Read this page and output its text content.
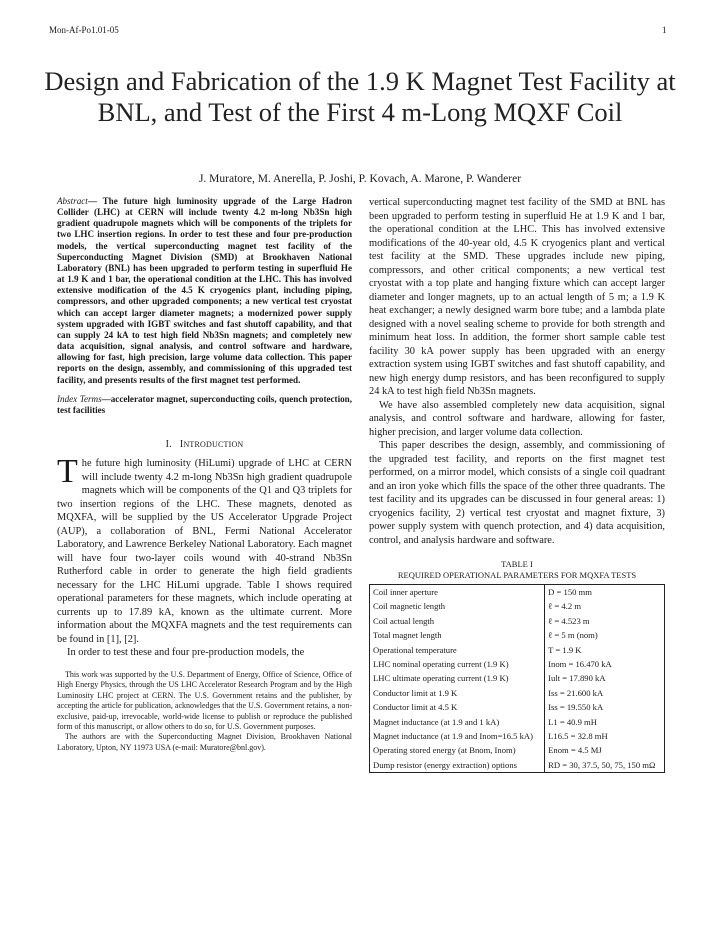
Mon-Af-Po1.01-05	1
Design and Fabrication of the 1.9 K Magnet Test Facility at BNL, and Test of the First 4 m-Long MQXF Coil
J. Muratore, M. Anerella, P. Joshi, P. Kovach, A. Marone, P. Wanderer

Abstract— The future high luminosity upgrade of the Large Hadron Collider (LHC) at CERN will include twenty 4.2 m-long Nb3Sn high gradient quadrupole magnets which will be components of the triplets for two LHC insertion regions. In order to test these and four pre-production models, the vertical superconducting magnet test facility of the Superconducting Magnet Division (SMD) at Brookhaven National Laboratory (BNL) has been upgraded to perform testing in superfluid He at 1.9 K and 1 bar, the operational condition at the LHC. This has involved extensive modification of the 4.5 K cryogenics plant, including piping, compressors, and other upgraded components; a new vertical test cryostat which can accept larger diameter magnets; a modernized power supply system upgraded with IGBT switches and fast shutoff capability, and that can supply 24 kA to test high field Nb3Sn magnets; and completely new data acquisition, signal analysis, and control software and hardware, allowing for fast, high precision, large volume data collection. This paper reports on the design, assembly, and commissioning of this upgraded test facility, and presents results of the first magnet test performed.

Index Terms—accelerator magnet, superconducting coils, quench protection, test facilities

I. INTRODUCTION

The future high luminosity (HiLumi) upgrade of LHC at CERN will include twenty 4.2 m-long Nb3Sn high gradient quadrupole magnets which will be components of the Q1 and Q3 triplets for two insertion regions of the LHC. These magnets, denoted as MQXFA, will be supplied by the US Accelerator Upgrade Project (AUP), a collaboration of BNL, Fermi National Accelerator Laboratory, and Lawrence Berkeley National Laboratory. Each magnet will have four two-layer coils wound with 40-strand Nb3Sn Rutherford cable in order to generate the high field gradients necessary for the LHC HiLumi upgrade. Table I shows required operational parameters for these magnets, which include operating at currents up to 17.89 kA, known as the ultimate current. More information about the MQXFA magnets and the test requirements can be found in [1], [2].

In order to test these and four pre-production models, the

This work was supported by the U.S. Department of Energy, Office of Science, Office of High Energy Physics, through the US LHC Accelerator Research Program and by the High Luminosity LHC project at CERN. The U.S. Government retains and the publisher, by accepting the article for publication, acknowledges that the U.S. Government retains, a non-exclusive, paid-up, irrevocable, world-wide license to publish or reproduce the published form of this manuscript, or allow others to do so, for U.S. Government purposes.

The authors are with the Superconducting Magnet Division, Brookhaven National Laboratory, Upton, NY 11973 USA (e-mail: Muratore@bnl.gov).

vertical superconducting magnet test facility of the SMD at BNL has been upgraded to perform testing in superfluid He at 1.9 K and 1 bar, the operational condition at the LHC. This has involved extensive modifications of the 40-year old, 4.5 K cryogenics plant and vertical test facility at the SMD. These upgrades include new piping, compressors, and other critical components; a new vertical test cryostat with a top plate and hanging fixture which can accept larger diameter and longer magnets, up to an actual length of 5 m; a 1.9 K heat exchanger; a newly designed warm bore tube; and a lambda plate designed with a novel sealing scheme to provide for both strength and minimum heat loss. In addition, the former short sample cable test facility 30 kA power supply has been upgraded with an energy extraction system using IGBT switches and fast shutoff capability, and new high energy dump resistors, and has been reconfigured to supply 24 kA to test high field Nb3Sn magnets.

We have also assembled completely new data acquisition, signal analysis, and control software and hardware, allowing for faster, higher precision, and larger volume data collection.

This paper describes the design, assembly, and commissioning of the upgraded test facility, and reports on the first magnet test performed, on a mirror model, which consists of a single coil quadrant and an iron yoke which fills the space of the other three quadrants. The test facility and its upgrades can be discussed in four general areas: 1) cryogenics facility, 2) vertical test cryostat and magnet fixture, 3) power supply system with quench protection, and 4) data acquisition, control, and analysis hardware and software.

TABLE I
REQUIRED OPERATIONAL PARAMETERS FOR MQXFA TESTS
Coil inner aperture	D = 150 mm
Coil magnetic length	ℓ = 4.2 m
Coil actual length	ℓ = 4.523 m
Total magnet length	ℓ = 5 m (nom)
Operational temperature	T = 1.9 K
LHC nominal operating current (1.9 K)	Inom = 16.470 kA
LHC ultimate operating current (1.9 K)	Iult = 17.890 kA
Conductor limit at 1.9 K	Iss = 21.600 kA
Conductor limit at 4.5 K	Iss = 19.550 kA
Magnet inductance (at 1.9 and 1 kA)	L1 = 40.9 mH
Magnet inductance (at 1.9 and Inom=16.5 kA)	L16.5 = 32.8 mH
Operating stored energy (at Bnom, Inom)	Enom = 4.5 MJ
Dump resistor (energy extraction) options	RD = 30, 37.5, 50, 75, 150 mΩ
